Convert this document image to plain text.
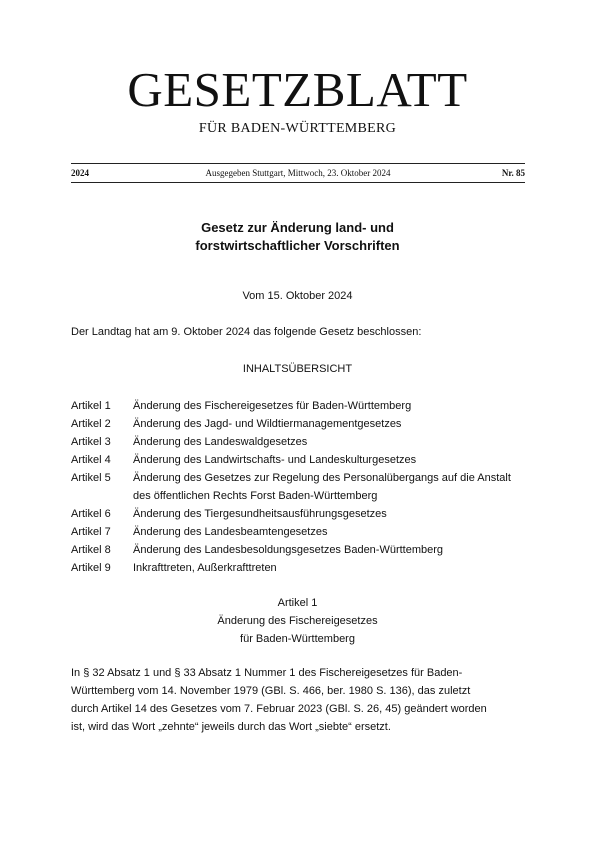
GESETZBLATT
FÜR BADEN-WÜRTTEMBERG
2024	Ausgegeben Stuttgart, Mittwoch, 23. Oktober 2024	Nr. 85
Gesetz zur Änderung land- und
forstwirtschaftlicher Vorschriften
Vom 15. Oktober 2024
Der Landtag hat am 9. Oktober 2024 das folgende Gesetz beschlossen:
INHALTSÜBERSICHT
Artikel 1	Änderung des Fischereigesetzes für Baden-Württemberg
Artikel 2	Änderung des Jagd- und Wildtiermanagementgesetzes
Artikel 3	Änderung des Landeswaldgesetzes
Artikel 4	Änderung des Landwirtschafts- und Landeskulturgesetzes
Artikel 5	Änderung des Gesetzes zur Regelung des Personalübergangs auf die Anstalt des öffentlichen Rechts Forst Baden-Württemberg
Artikel 6	Änderung des Tiergesundheitsausführungsgesetzes
Artikel 7	Änderung des Landesbeamtengesetzes
Artikel 8	Änderung des Landesbesoldungsgesetzes Baden-Württemberg
Artikel 9	Inkrafttreten, Außerkrafttreten
Artikel 1
Änderung des Fischereigesetzes
für Baden-Württemberg
In § 32 Absatz 1 und § 33 Absatz 1 Nummer 1 des Fischereigesetzes für Baden-
Württemberg vom 14. November 1979 (GBl. S. 466, ber. 1980 S. 136), das zuletzt
durch Artikel 14 des Gesetzes vom 7. Februar 2023 (GBl. S. 26, 45) geändert worden
ist, wird das Wort „zehnte“ jeweils durch das Wort „siebte“ ersetzt.
